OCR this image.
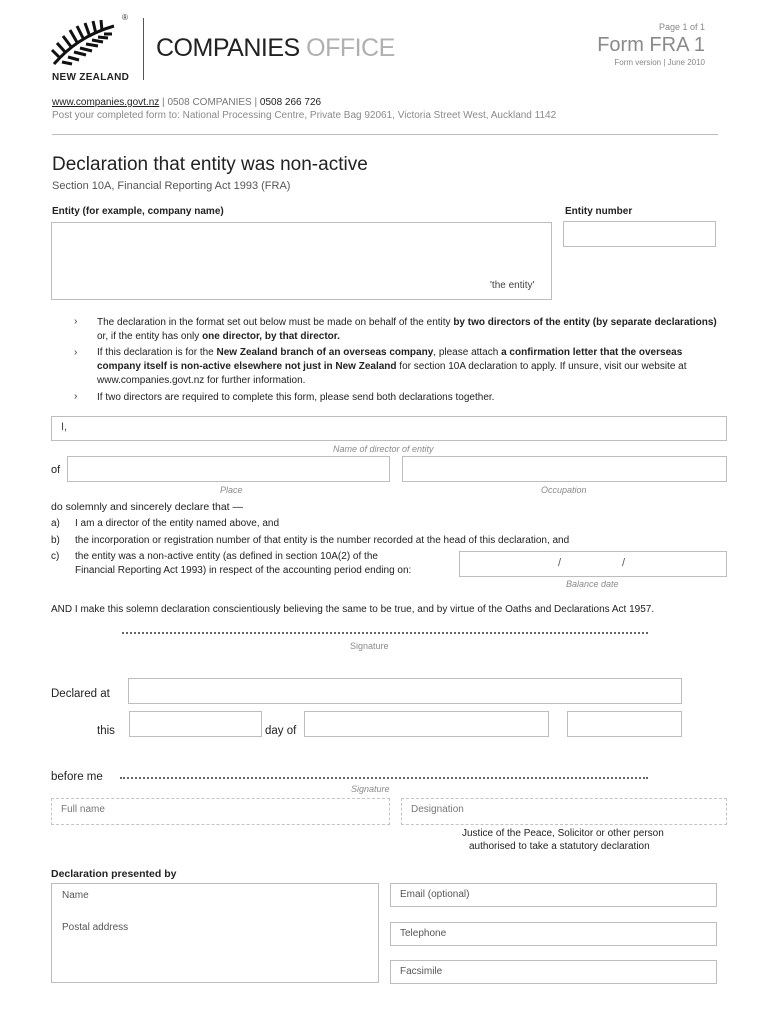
®
NEW ZEALAND
COMPANIES OFFICE
Page 1 of 1
Form FRA 1
Form version | June 2010
www.companies.govt.nz | 0508 COMPANIES | 0508 266 726
Post your completed form to: National Processing Centre, Private Bag 92061, Victoria Street West, Auckland 1142
Declaration that entity was non-active
Section 10A, Financial Reporting Act 1993 (FRA)
Entity (for example, company name)	Entity number
'the entity'
› The declaration in the format set out below must be made on behalf of the entity by two directors of the entity (by separate declarations) or, if the entity has only one director, by that director.
› If this declaration is for the New Zealand branch of an overseas company, please attach a confirmation letter that the overseas company itself is non-active elsewhere not just in New Zealand for section 10A declaration to apply. If unsure, visit our website at www.companies.govt.nz for further information.
› If two directors are required to complete this form, please send both declarations together.
I,
Name of director of entity
of
Place	Occupation
do solemnly and sincerely declare that —
a) I am a director of the entity named above, and
b) the incorporation or registration number of that entity is the number recorded at the head of this declaration, and
c) the entity was a non-active entity (as defined in section 10A(2) of the
Financial Reporting Act 1993) in respect of the accounting period ending on:
/	/
Balance date
AND I make this solemn declaration conscientiously believing the same to be true, and by virtue of the Oaths and Declarations Act 1957.
Signature
Declared at
this	day of
before me
Signature
Full name	Designation
Justice of the Peace, Solicitor or other person
authorised to take a statutory declaration
Declaration presented by
Name
Postal address
Email (optional)
Telephone
Facsimile
